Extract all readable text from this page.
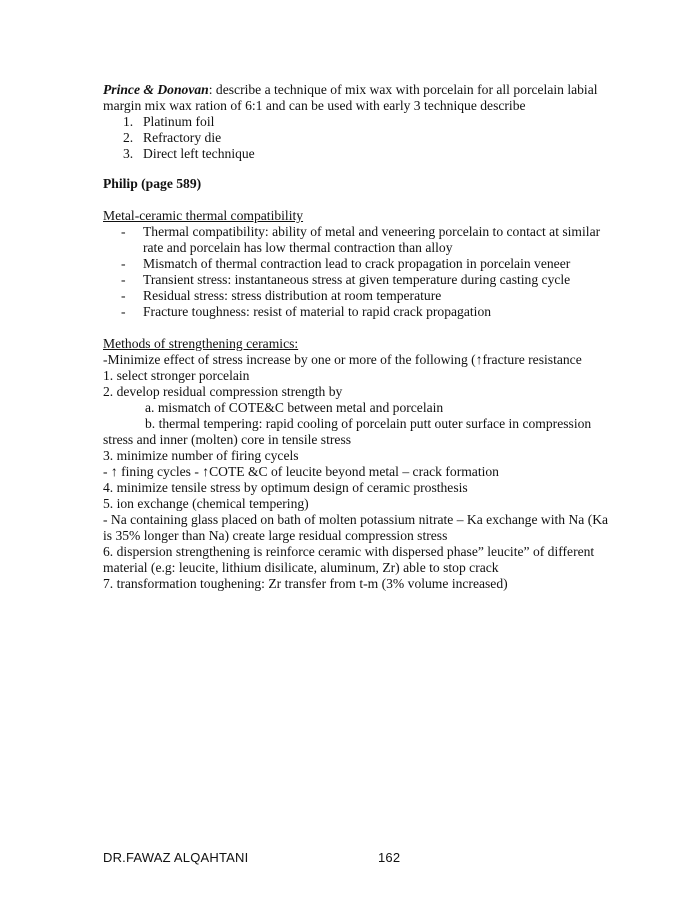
Prince & Donovan: describe a technique of mix wax with porcelain for all porcelain labial
margin mix wax ration of 6:1 and can be used with early 3 technique describe

1. Platinum foil
2. Refractory die
3. Direct left technique

Philip (page 589)

Metal-ceramic thermal compatibility

-	Thermal compatibility: ability of metal and veneering porcelain to contact at similar
rate and porcelain has low thermal contraction than alloy
-	Mismatch of thermal contraction lead to crack propagation in porcelain veneer
-	Transient stress: instantaneous stress at given temperature during casting cycle
-	Residual stress: stress distribution at room temperature
-	Fracture toughness: resist of material to rapid crack propagation

Methods of strengthening ceramics:

-Minimize effect of stress increase by one or more of the following (↑fracture resistance

1. select stronger porcelain

2. develop residual compression strength by

a. mismatch of COTE&C between metal and porcelain

b. thermal tempering: rapid cooling of porcelain putt outer surface in compression

stress and inner (molten) core in tensile stress

3. minimize number of firing cycels

- ↑ fining cycles - ↑COTE &C of leucite beyond metal – crack formation

4. minimize tensile stress by optimum design of ceramic prosthesis

5. ion exchange (chemical tempering)

- Na containing glass placed on bath of molten potassium nitrate – Ka exchange with Na (Ka

is 35% longer than Na) create large residual compression stress

6. dispersion strengthening is reinforce ceramic with dispersed phase” leucite” of different

material (e.g: leucite, lithium disilicate, aluminum, Zr) able to stop crack

7. transformation toughening: Zr transfer from t-m (3% volume increased)

DR.FAWAZ ALQAHTANI	162
